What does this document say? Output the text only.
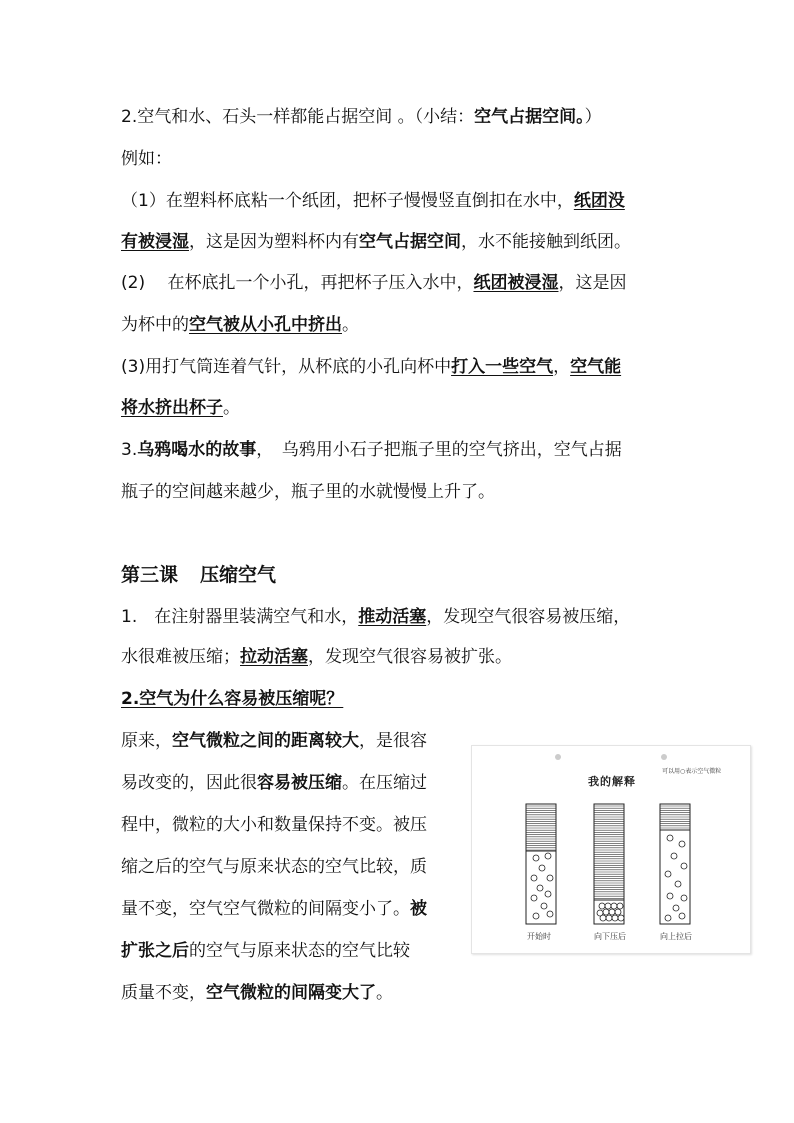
2.空气和水、石头一样都能占据空间 。（小结：空气占据空间。）
例如：
（1）在塑料杯底粘一个纸团，把杯子慢慢竖直倒扣在水中，纸团没
有被浸湿，这是因为塑料杯内有空气占据空间，水不能接触到纸团。
(2)　 在杯底扎一个小孔，再把杯子压入水中，纸团被浸湿，这是因
为杯中的空气被从小孔中挤出。
(3)用打气筒连着气针，从杯底的小孔向杯中打入一些空气，空气能
将水挤出杯子。
3.乌鸦喝水的故事，　乌鸦用小石子把瓶子里的空气挤出，空气占据
瓶子的空间越来越少，瓶子里的水就慢慢上升了。
第三课 压缩空气
1.　在注射器里装满空气和水，推动活塞，发现空气很容易被压缩，
水很难被压缩；拉动活塞，发现空气很容易被扩张。
2.空气为什么容易被压缩呢？
原来，空气微粒之间的距离较大，是很容
易改变的，因此很容易被压缩。在压缩过
程中，微粒的大小和数量保持不变。被压
缩之后的空气与原来状态的空气比较，质
量不变，空气空气微粒的间隔变小了。被
扩张之后的空气与原来状态的空气比较
质量不变，空气微粒的间隔变大了。
我的解释
可以用○表示空气微粒
开始时	向下压后	向上拉后
